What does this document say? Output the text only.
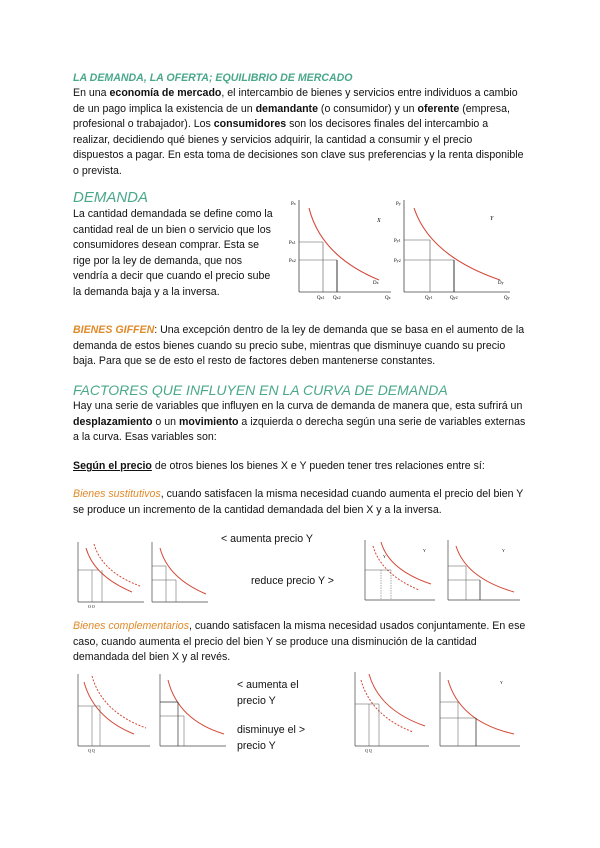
LA DEMANDA, LA OFERTA; EQUILIBRIO DE MERCADO

En una economía de mercado, el intercambio de bienes y servicios entre individuos a cambio de un pago implica la existencia de un demandante (o consumidor) y un oferente (empresa, profesional o trabajador). Los consumidores son los decisores finales del intercambio a realizar, decidiendo qué bienes y servicios adquirir, la cantidad a consumir y el precio dispuestos a pagar. En esta toma de decisiones son clave sus preferencias y la renta disponible o prevista.

DEMANDA

La cantidad demandada se define como la cantidad real de un bien o servicio que los consumidores desean comprar. Esta se rige por la ley de demanda, que nos vendría a decir que cuando el precio sube la demanda baja y a la inversa.

Px
Px1
Px2
X
Qx1 Qx2	Qx
Dx
Py
Py1
Py2
Y
Qy1	Qy2	Qy
Dy

BIENES GIFFEN: Una excepción dentro de la ley de demanda que se basa en el aumento de la demanda de estos bienes cuando su precio sube, mientras que disminuye cuando su precio baja. Para que se de esto el resto de factores deben mantenerse constantes.

FACTORES QUE INFLUYEN EN LA CURVA DE DEMANDA

Hay una serie de variables que influyen en la curva de demanda de manera que, esta sufrirá un desplazamiento o un movimiento a izquierda o derecha según una serie de variables externas a la curva. Esas variables son:

Según el precio de otros bienes los bienes X e Y pueden tener tres relaciones entre sí:

Bienes sustitutivos, cuando satisfacen la misma necesidad cuando aumenta el precio del bien Y se produce un incremento de la cantidad demandada del bien X y a la inversa.

Q Q
< aumenta precio Y
reduce precio Y >
Y
Y	Y

Bienes complementarios, cuando satisfacen la misma necesidad usados conjuntamente. En ese caso, cuando aumenta el precio del bien Y se produce una disminución de la cantidad demandada del bien X y al revés.

Q Q
< aumenta el precio Y
disminuye el > precio Y	Q Q
Y
